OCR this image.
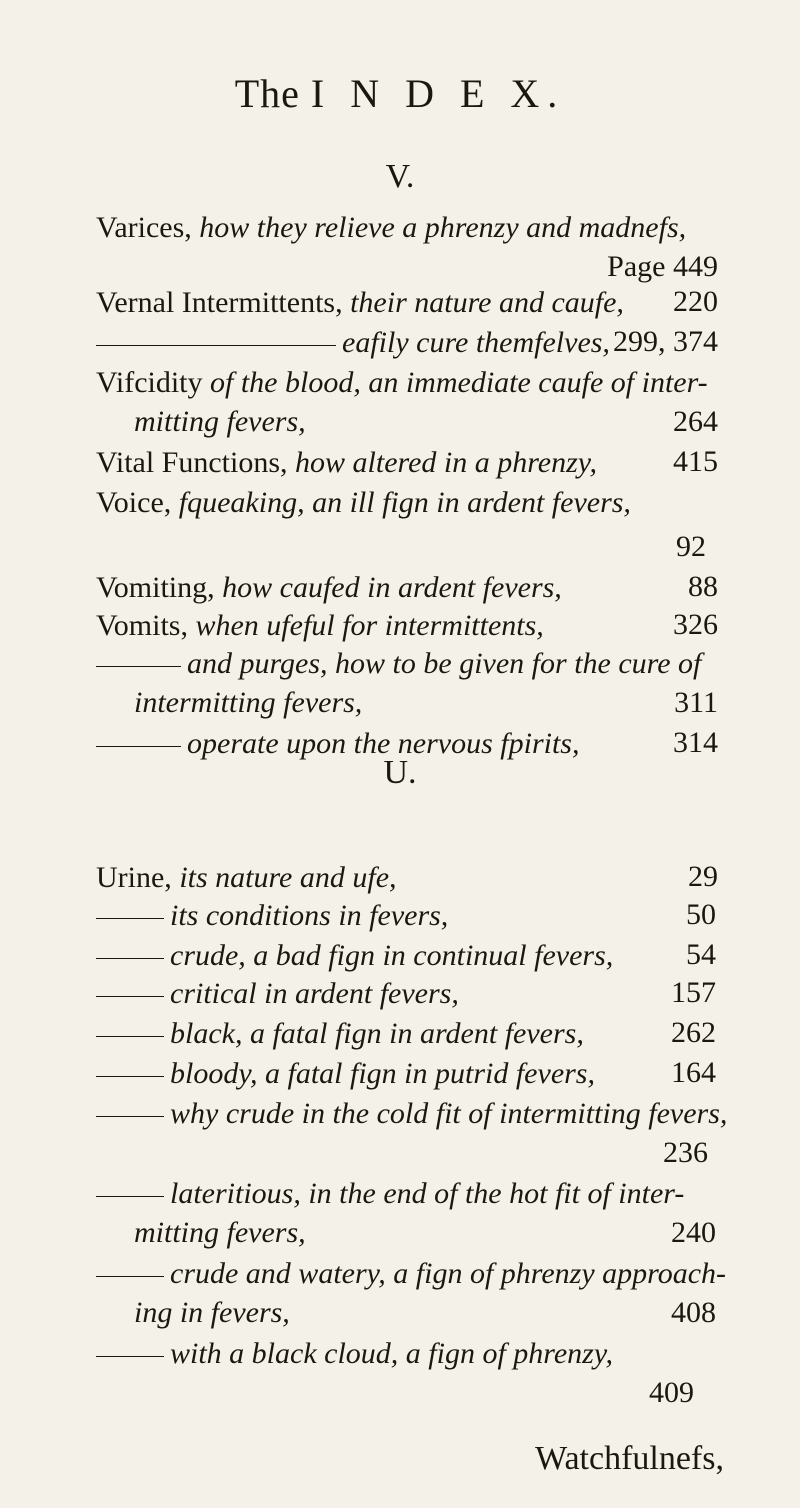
The I N D E X.
V.
U.
Varices, how they relieve a phrenzy and madnefs,
Page 449
Vernal Intermittents, their nature and caufe,	220
eafily cure themfelves, 299, 374
Vifcidity of the blood, an immediate caufe of inter-
mitting fevers,	264
Vital Functions, how altered in a phrenzy,	415
Voice, fqueaking, an ill fign in ardent fevers,
92
Vomiting, how caufed in ardent fevers,	88
Vomits, when ufeful for intermittents,	326
and purges, how to be given for the cure of
intermitting fevers,	311
operate upon the nervous fpirits,	314
Urine, its nature and ufe,	29
its conditions in fevers,	50
crude, a bad fign in continual fevers,	54
critical in ardent fevers,	157
black, a fatal fign in ardent fevers,	262
bloody, a fatal fign in putrid fevers,	164
why crude in the cold fit of intermitting fevers,
236
lateritious, in the end of the hot fit of inter-
mitting fevers,	240
crude and watery, a fign of phrenzy approach-
ing in fevers,	408
with a black cloud, a fign of phrenzy,
409
Watchfulnefs,
